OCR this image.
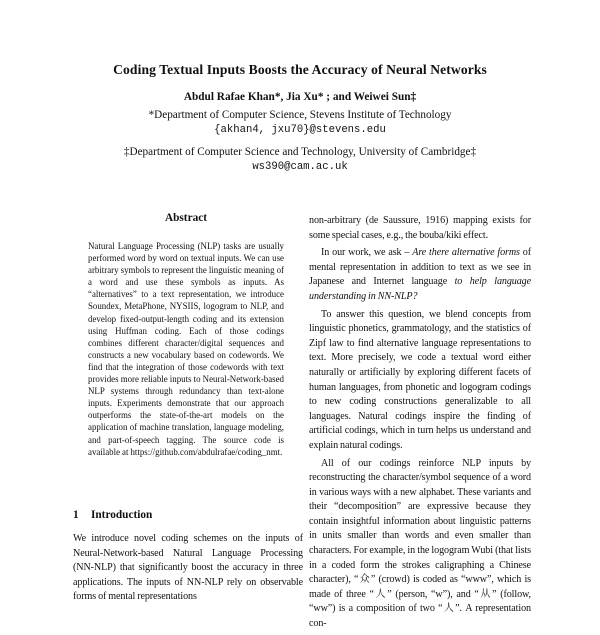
Coding Textual Inputs Boosts the Accuracy of Neural Networks
Abdul Rafae Khan*, Jia Xu* ; and Weiwei Sun‡
*Department of Computer Science, Stevens Institute of Technology
{akhan4, jxu70}@stevens.edu
‡Department of Computer Science and Technology, University of Cambridge‡
ws390@cam.ac.uk
Abstract
Natural Language Processing (NLP) tasks are usually performed word by word on textual inputs. We can use arbitrary symbols to represent the linguistic meaning of a word and use these symbols as inputs. As “alternatives” to a text representation, we introduce Soundex, MetaPhone, NYSIIS, logogram to NLP, and develop fixed-output-length coding and its extension using Huffman coding. Each of those codings combines different character/digital sequences and constructs a new vocabulary based on codewords. We find that the integration of those codewords with text provides more reliable inputs to Neural-Network-based NLP systems through redundancy than text-alone inputs. Experiments demonstrate that our approach outperforms the state-of-the-art models on the application of machine translation, language modeling, and part-of-speech tagging. The source code is available at https://github.com/abdulrafae/coding_nmt.
1 Introduction
We introduce novel coding schemes on the inputs of Neural-Network-based Natural Language Processing (NN-NLP) that significantly boost the accuracy in three applications. The inputs of NN-NLP rely on observable forms of mental representations

non-arbitrary (de Saussure, 1916) mapping exists for some special cases, e.g., the bouba/kiki effect.

In our work, we ask – Are there alternative forms of mental representation in addition to text as we see in Japanese and Internet language to help language understanding in NN-NLP?

To answer this question, we blend concepts from linguistic phonetics, grammatology, and the statistics of Zipf law to find alternative language representations to text. More precisely, we code a textual word either naturally or artificially by exploring different facets of human languages, from phonetic and logogram codings to new coding constructions generalizable to all languages. Natural codings inspire the finding of artificial codings, which in turn helps us understand and explain natural codings.

All of our codings reinforce NLP inputs by reconstructing the character/symbol sequence of a word in various ways with a new alphabet. These variants and their “decomposition” are expressive because they contain insightful information about linguistic patterns in units smaller than words and even smaller than characters. For example, in the logogram Wubi (that lists in a coded form the strokes caligraphing a Chinese character), “众” (crowd) is coded as “www”, which is made of three “人” (person, “w”), and “从” (follow, “ww”) is a composition of two “人”. A representation con-
